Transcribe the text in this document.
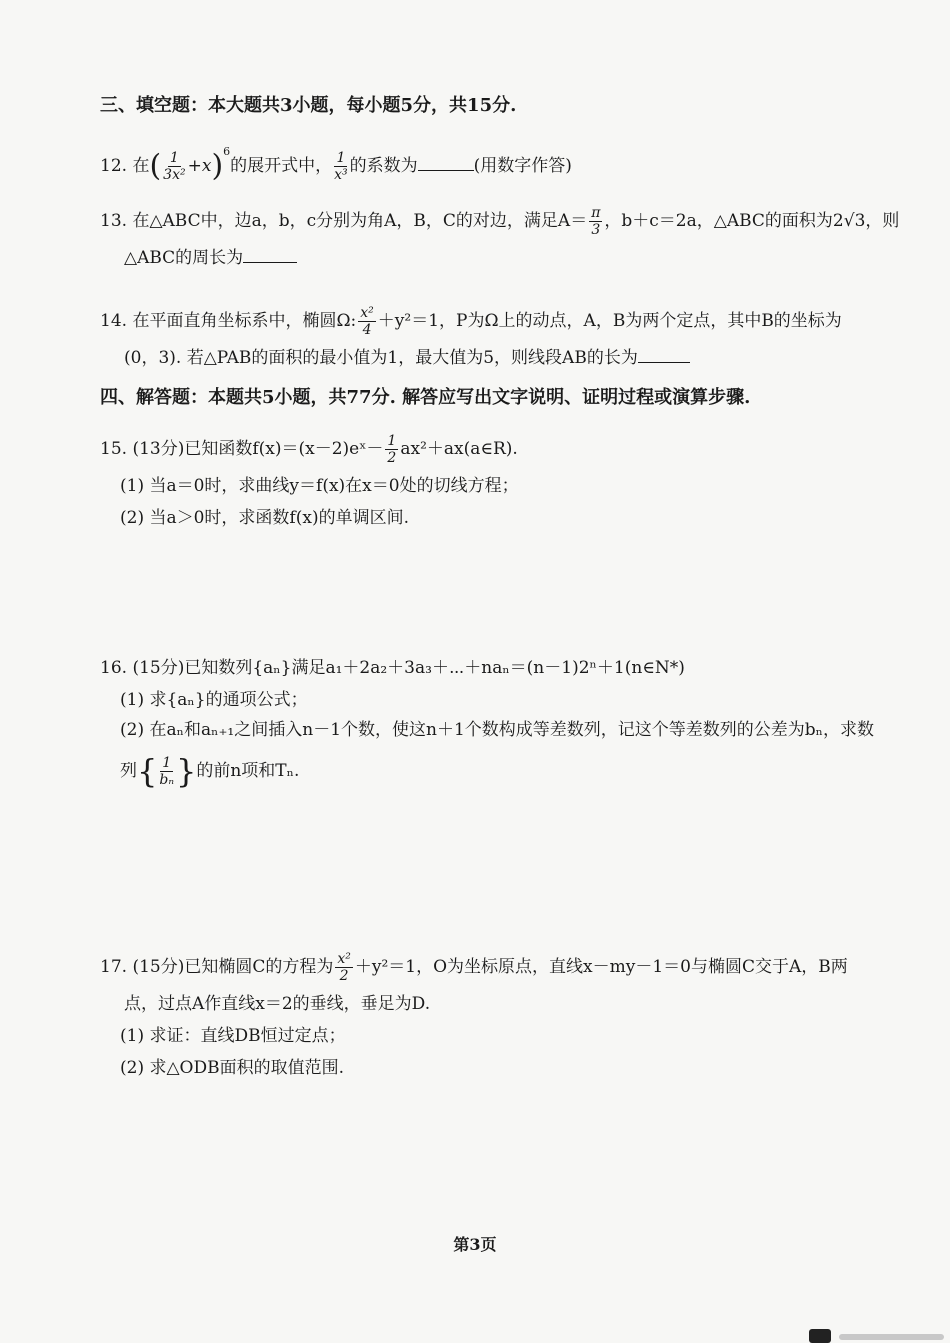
三、填空题：本大题共3小题，每小题5分，共15分.
12. 在( $\frac{1}{\text{3x²}} +x)^6$的展开式中， $\frac{1}{\text{x³}}$ 的系数为	(用数字作答)
13. 在△ABC中，边a，b，c分别为角A，B，C的对边，满足$A= \frac{\pi}{3}$ ，b＋c＝2a，△ABC的面积为2√3，则
△ABC的周长为
14. 在平面直角坐标系中，椭圆Ω: $\frac{\text{x²}}{4} +y^2=1$，P为Ω上的动点，A，B为两个定点，其中B的坐标为
(0，3). 若△PAB的面积的最小值为1，最大值为5，则线段AB的长为
四、解答题：本题共5小题，共77分. 解答应写出文字说明、证明过程或演算步骤.
15. (13分)已知函数f(x)＝(x－2)eˣ－ $\frac{1}{2}$ ax²＋ax(a∈R).
(1) 当a＝0时，求曲线y＝f(x)在x＝0处的切线方程；
(2) 当a＞0时，求函数f(x)的单调区间.
16. (15分)已知数列{aₙ}满足a₁＋2a₂＋3a₃＋⋯＋naₙ＝(n－1)2ⁿ＋1(n∈N*)
(1) 求{aₙ}的通项公式；
(2) 在aₙ和aₙ₊₁之间插入n－1个数，使这n＋1个数构成等差数列，记这个等差数列的公差为bₙ，求数
列{ $\frac{1}{\text{bₙ}}$ }的前n项和Tₙ.
17. (15分)已知椭圆C的方程为 $\frac{\text{x²}}{2} +y^2=1$，O为坐标原点，直线x－my－1＝0与椭圆C交于A，B两
点，过点A作直线x＝2的垂线，垂足为D.
(1) 求证：直线DB恒过定点；
(2) 求△ODB面积的取值范围.
第3页
